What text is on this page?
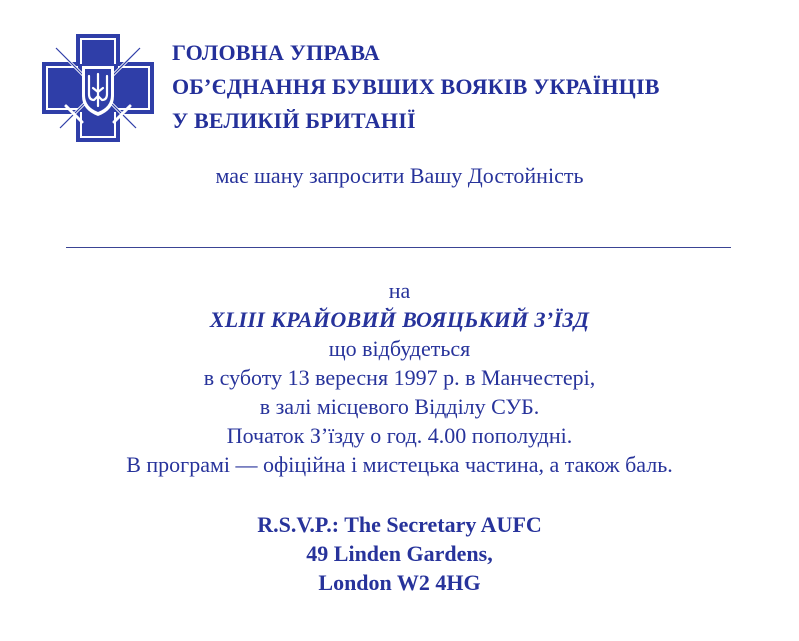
ГОЛОВНА УПРАВА
ОБ’ЄДНАННЯ БУВШИХ ВОЯКІВ УКРАЇНЦІВ
У ВЕЛИКІЙ БРИТАНІЇ
має шану запросити Вашу Достойність
на
XLIII КРАЙОВИЙ ВОЯЦЬКИЙ З’ЇЗД
що відбудеться
в суботу 13 вересня 1997 р. в Манчестері,
в залі місцевого Відділу СУБ.
Початок З’їзду о год. 4.00 пополудні.
В програмі — офіційна і мистецька частина, а також баль.
R.S.V.P.: The Secretary AUFC
49 Linden Gardens,
London W2 4HG
